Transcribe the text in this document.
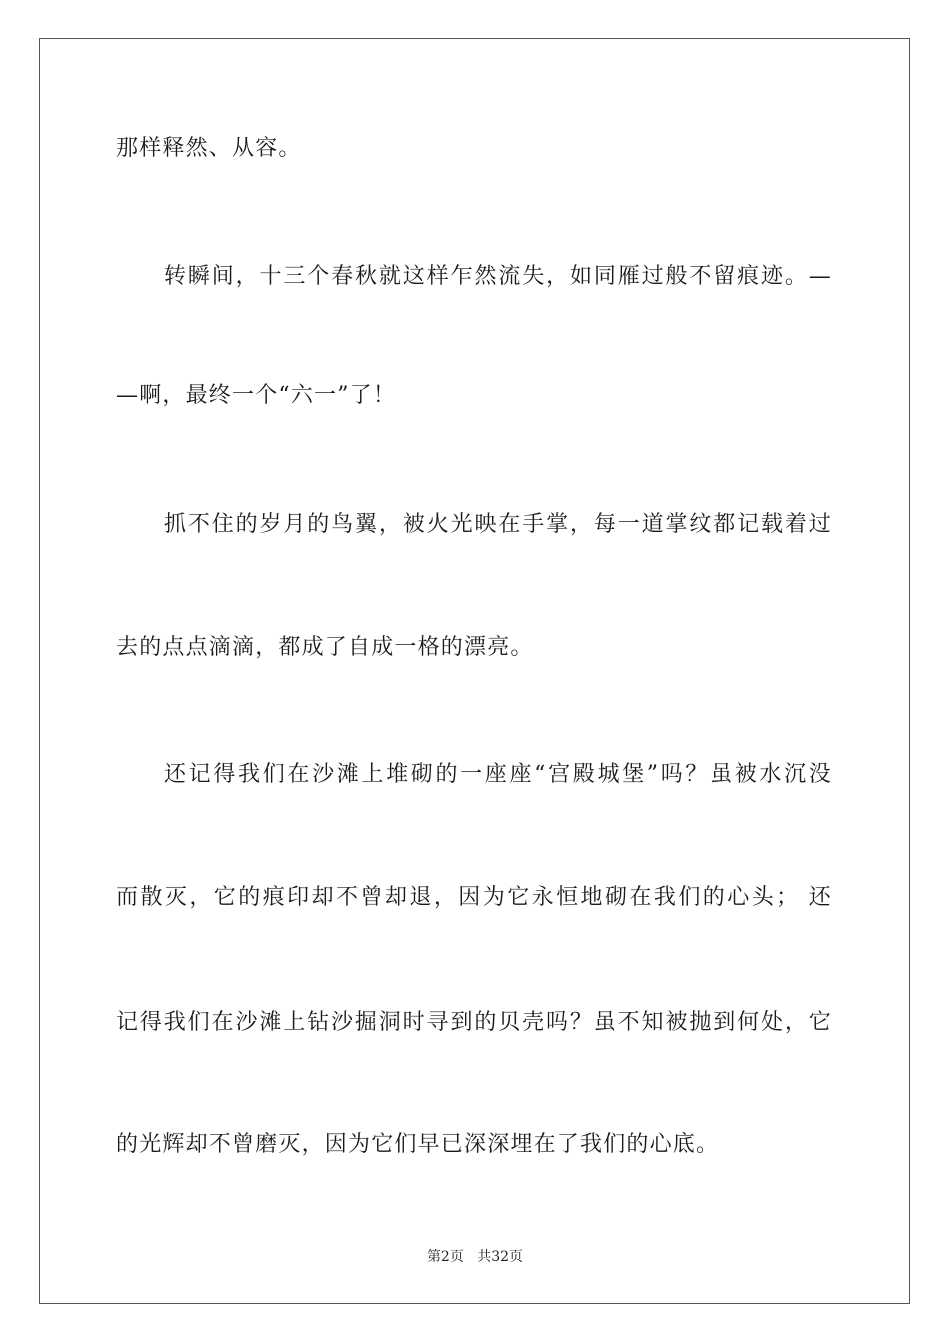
那样释然、从容。
转瞬间，十三个春秋就这样乍然流失，如同雁过般不留痕迹。—
—啊，最终一个“六一”了！
抓不住的岁月的鸟翼，被火光映在手掌，每一道掌纹都记载着过
去的点点滴滴，都成了自成一格的漂亮。
还记得我们在沙滩上堆砌的一座座“宫殿城堡”吗？虽被水沉没
而散灭，它的痕印却不曾却退，因为它永恒地砌在我们的心头； 还
记得我们在沙滩上钻沙掘洞时寻到的贝壳吗？虽不知被抛到何处，它
的光辉却不曾磨灭，因为它们早已深深埋在了我们的心底。
第2页 共32页
